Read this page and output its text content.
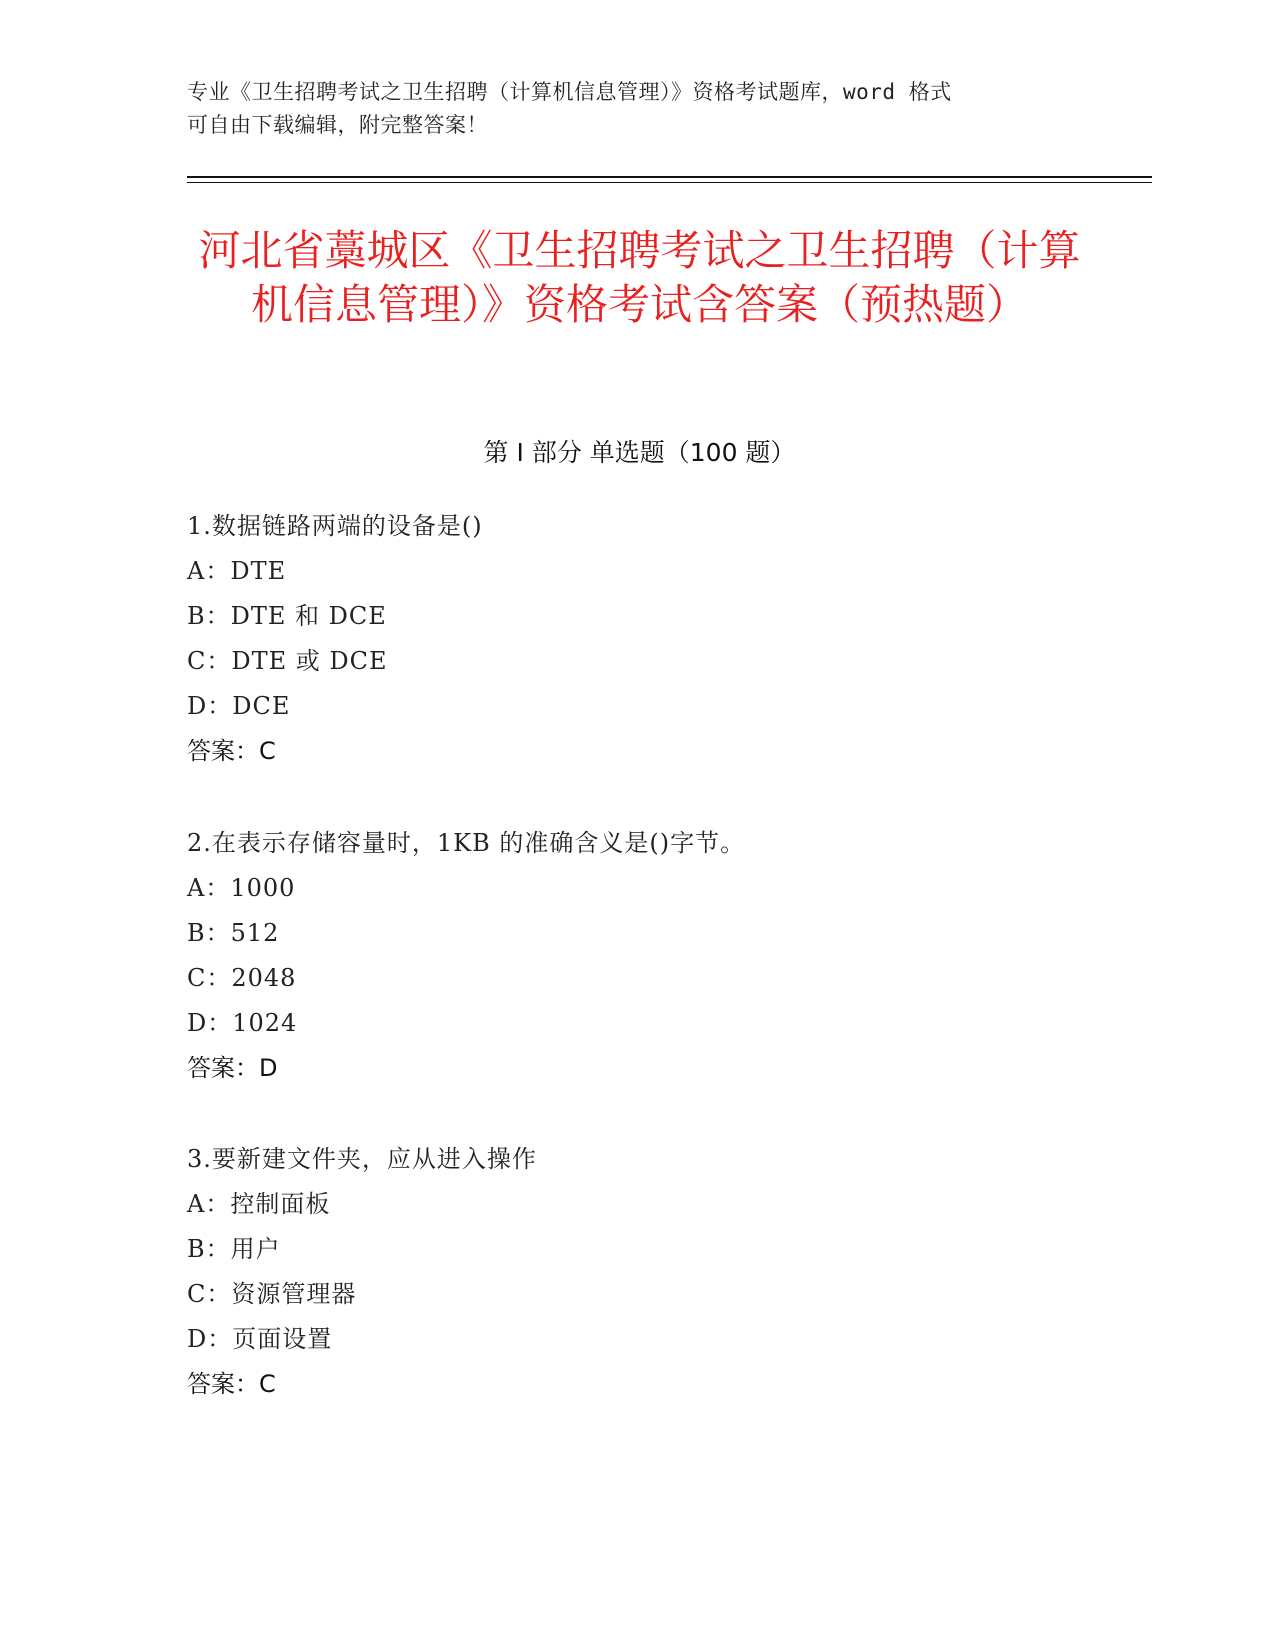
专业《卫生招聘考试之卫生招聘（计算机信息管理）》资格考试题库，word 格式
可自由下载编辑，附完整答案！
河北省藁城区《卫生招聘考试之卫生招聘（计算机信息管理）》资格考试含答案（预热题）
第 I 部分 单选题（100 题）
1.数据链路两端的设备是()
A：DTE
B：DTE 和 DCE
C：DTE 或 DCE
D：DCE
答案：C
2.在表示存储容量时，1KB 的准确含义是()字节。
A：1000
B：512
C：2048
D：1024
答案：D
3.要新建文件夹，应从进入操作
A：控制面板
B：用户
C：资源管理器
D：页面设置
答案：C
